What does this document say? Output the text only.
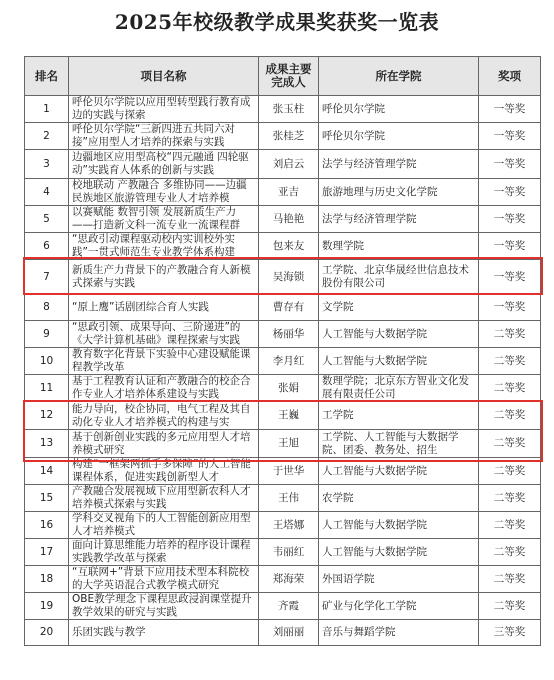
2025年校级教学成果奖获奖一览表
排名	项目名称	成果主要完成人	所在学院	奖项
1	呼伦贝尔学院以应用型转型践行教育成边的实践与探索	张玉柱	呼伦贝尔学院	一等奖
2	呼伦贝尔学院“三新四进五共同六对接”应用型人才培养的探索与实践	张桂芝	呼伦贝尔学院	一等奖
3	边疆地区应用型高校“四元融通 四轮驱动”实践育人体系的创新与实践	刘启云	法学与经济管理学院	一等奖
4	校地联动 产教融合 多维协同——边疆民族地区旅游管理专业人才培养模	亚吉	旅游地理与历史文化学院	一等奖
5	以赛赋能 数智引领 发展新质生产力——打造新文科一流专业一流课程群	马艳艳	法学与经济管理学院	一等奖
6	“思政引动课程驱动校内实训校外实践”一贯式师范生专业教学体系构建	包来友	数理学院	一等奖
7	新质生产力背景下的产教融合育人新模式探索与实践	吴海锁	工学院、北京华晟经世信息技术股份有限公司	一等奖
8	“原上鹰”话剧团综合育人实践	曹存有	文学院	一等奖
9	“思政引领、成果导向、三阶递进”的《大学计算机基础》课程探索与实践	杨丽华	人工智能与大数据学院	二等奖
10	教育数字化背景下实验中心建设赋能课程教学改革	李月红	人工智能与大数据学院	二等奖
11	基于工程教育认证和产教融合的校企合作专业人才培养体系建设与实践	张娟	数理学院；北京东方智业文化发展有限责任公司	二等奖
12	能力导向，校企协同，电气工程及其自动化专业人才培养模式的构建与实	王巍	工学院	二等奖
13	基于创新创业实践的多元应用型人才培养模式研究	王旭	工学院、人工智能与大数据学院、团委、教务处、招生	二等奖
14	构建“一框架两抓手多保障”的人工智能课程体系，促进实践创新型人才	于世华	人工智能与大数据学院	二等奖
15	产教融合发展视域下应用型新农科人才培养模式探索与实践	王伟	农学院	二等奖
16	学科交叉视角下的人工智能创新应用型人才培养模式	王塔娜	人工智能与大数据学院	二等奖
17	面向计算思维能力培养的程序设计课程实践教学改革与探索	韦丽红	人工智能与大数据学院	二等奖
18	“互联网+”背景下应用技术型本科院校的大学英语混合式教学模式研究	郑海荣	外国语学院	二等奖
19	OBE教学理念下课程思政浸润课堂提升教学效果的研究与实践	齐霞	矿业与化学化工学院	二等奖
20	乐团实践与教学	刘丽丽	音乐与舞蹈学院	三等奖
